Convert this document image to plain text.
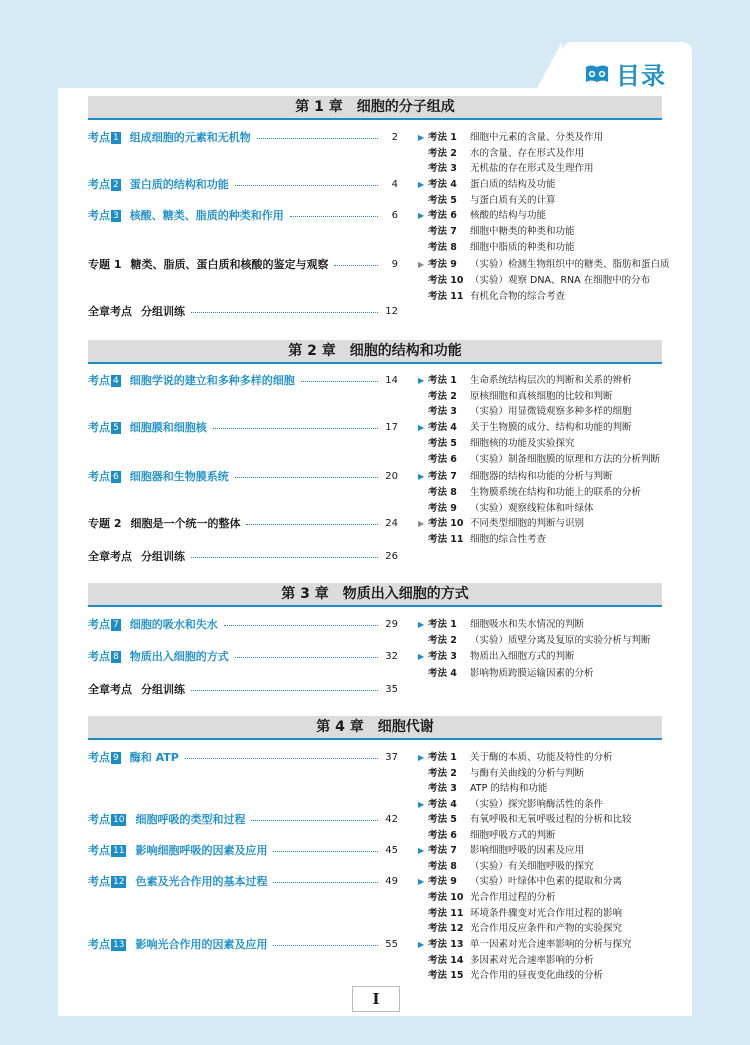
目录
第 1 章　细胞的分子组成
第 2 章　细胞的结构和功能
第 3 章　物质出入细胞的方式
第 4 章　细胞代谢
考点 1 组成细胞的元素和无机物	2
考点 2 蛋白质的结构和功能	4
考点 3 核酸、糖类、脂质的种类和作用	6
专题 1 糖类、脂质、蛋白质和核酸的鉴定与观察	9
全章考点 分组训练	12
考点 4 细胞学说的建立和多种多样的细胞	14
考点 5 细胞膜和细胞核	17
考点 6 细胞器和生物膜系统	20
专题 2 细胞是一个统一的整体	24
全章考点 分组训练	26
考点 7 细胞的吸水和失水	29
考点 8 物质出入细胞的方式	32
全章考点 分组训练	35
考点 9 酶和 ATP	37
考点 10 细胞呼吸的类型和过程	42
考点 11 影响细胞呼吸的因素及应用	45
考点 12 色素及光合作用的基本过程	49
考点 13 影响光合作用的因素及应用	55
▶ 考法 1 细胞中元素的含量、分类及作用
考法 2 水的含量、存在形式及作用
考法 3 无机盐的存在形式及生理作用
▶ 考法 4 蛋白质的结构及功能
考法 5 与蛋白质有关的计算
▶ 考法 6 核酸的结构与功能
考法 7 细胞中糖类的种类和功能
考法 8 细胞中脂质的种类和功能
▶ 考法 9 （实验）检测生物组织中的糖类、脂肪和蛋白质
考法 10 （实验）观察 DNA、RNA 在细胞中的分布
考法 11 有机化合物的综合考查
▶ 考法 1 生命系统结构层次的判断和关系的辨析
考法 2 原核细胞和真核细胞的比较和判断
考法 3 （实验）用显微镜观察多种多样的细胞
▶ 考法 4 关于生物膜的成分、结构和功能的判断
考法 5 细胞核的功能及实验探究
考法 6 （实验）制备细胞膜的原理和方法的分析判断
▶ 考法 7 细胞器的结构和功能的分析与判断
考法 8 生物膜系统在结构和功能上的联系的分析
考法 9 （实验）观察线粒体和叶绿体
▶ 考法 10 不同类型细胞的判断与识别
考法 11 细胞的综合性考查
▶ 考法 1 细胞吸水和失水情况的判断
考法 2 （实验）质壁分离及复原的实验分析与判断
▶ 考法 3 物质出入细胞方式的判断
考法 4 影响物质跨膜运输因素的分析
▶ 考法 1 关于酶的本质、功能及特性的分析
考法 2 与酶有关曲线的分析与判断
考法 3 ATP 的结构和功能
▶ 考法 4 （实验）探究影响酶活性的条件
考法 5 有氧呼吸和无氧呼吸过程的分析和比较
考法 6 细胞呼吸方式的判断
▶ 考法 7 影响细胞呼吸的因素及应用
考法 8 （实验）有关细胞呼吸的探究
▶ 考法 9 （实验）叶绿体中色素的提取和分离
考法 10 光合作用过程的分析
考法 11 环境条件骤变对光合作用过程的影响
考法 12 光合作用反应条件和产物的实验探究
▶ 考法 13 单一因素对光合速率影响的分析与探究
考法 14 多因素对光合速率影响的分析
考法 15 光合作用的昼夜变化曲线的分析
I
